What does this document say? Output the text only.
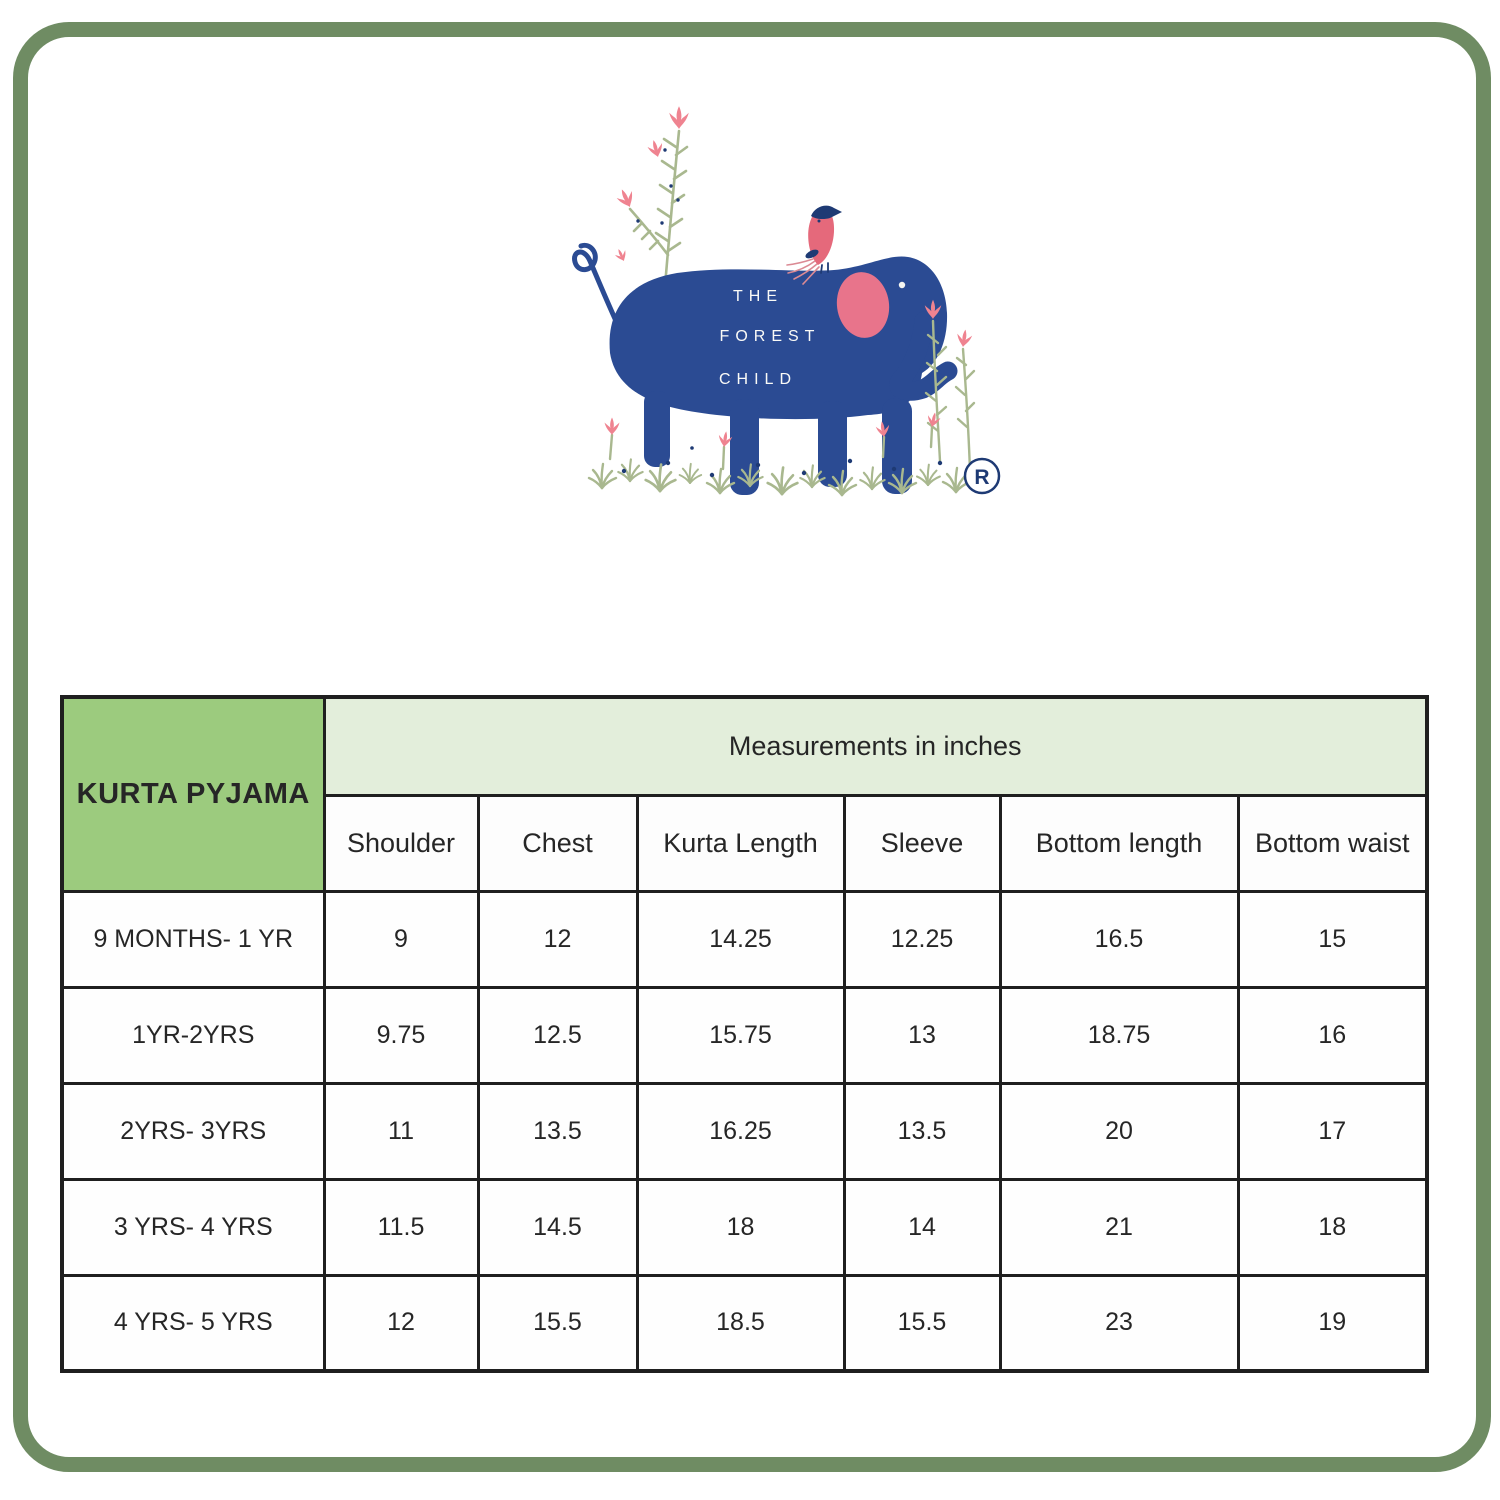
THE
FOREST
CHILD
R
KURTA PYJAMA	Measurements in inches					
	Shoulder	Chest	Kurta Length	Sleeve	Bottom length	Bottom waist
9 MONTHS- 1 YR	9	12	14.25	12.25	16.5	15
1YR-2YRS	9.75	12.5	15.75	13	18.75	16
2YRS- 3YRS	11	13.5	16.25	13.5	20	17
3 YRS- 4 YRS	11.5	14.5	18	14	21	18
4 YRS- 5 YRS	12	15.5	18.5	15.5	23	19
